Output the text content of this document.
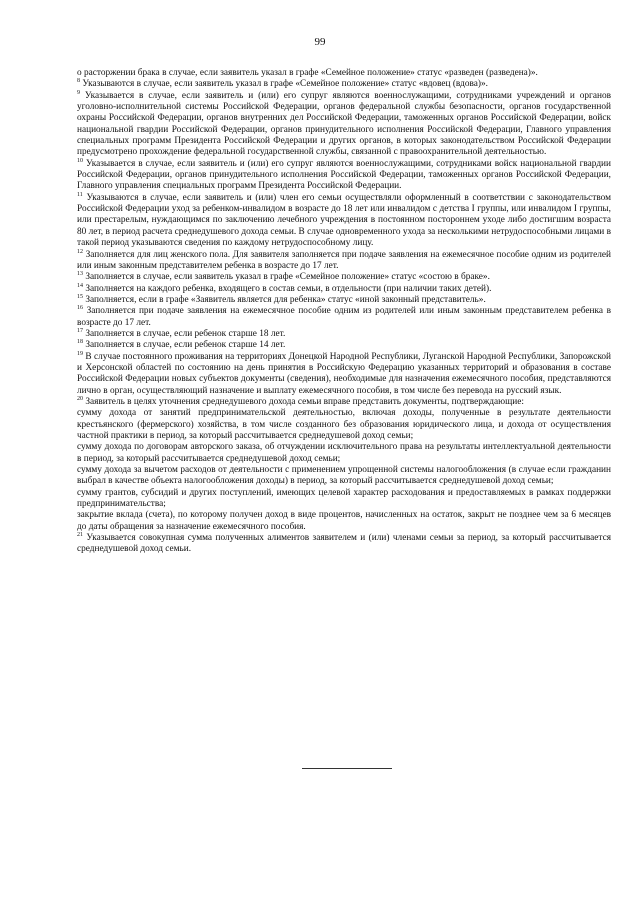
99

о расторжении брака в случае, если заявитель указал в графе «Семейное положение» статус «разведен (разведена)».

$^8$ Указываются в случае, если заявитель указал в графе «Семейное положение» статус «вдовец (вдова)».

$^9$ Указывается в случае, если заявитель и (или) его супруг являются военнослужащими, сотрудниками учреждений и органов уголовно-исполнительной системы Российской Федерации, органов федеральной службы безопасности, органов государственной охраны Российской Федерации, органов внутренних дел Российской Федерации, таможенных органов Российской Федерации, войск национальной гвардии Российской Федерации, органов принудительного исполнения Российской Федерации, Главного управления специальных программ Президента Российской Федерации и других органов, в которых законодательством Российской Федерации предусмотрено прохождение федеральной государственной службы, связанной с правоохранительной деятельностью.

$^{10}$ Указывается в случае, если заявитель и (или) его супруг являются военнослужащими, сотрудниками войск национальной гвардии Российской Федерации, органов принудительного исполнения Российской Федерации, таможенных органов Российской Федерации, Главного управления специальных программ Президента Российской Федерации.

$^{11}$ Указываются в случае, если заявитель и (или) член его семьи осуществляли оформленный в соответствии с законодательством Российской Федерации уход за ребенком-инвалидом в возрасте до 18 лет или инвалидом с детства I группы, или инвалидом I группы, или престарелым, нуждающимся по заключению лечебного учреждения в постоянном постороннем уходе либо достигшим возраста 80 лет, в период расчета среднедушевого дохода семьи. В случае одновременного ухода за несколькими нетрудоспособными лицами в такой период указываются сведения по каждому нетрудоспособному лицу.

$^{12}$ Заполняется для лиц женского пола. Для заявителя заполняется при подаче заявления на ежемесячное пособие одним из родителей или иным законным представителем ребенка в возрасте до 17 лет.

$^{13}$ Заполняется в случае, если заявитель указал в графе «Семейное положение» статус «состою в браке».

$^{14}$ Заполняется на каждого ребенка, входящего в состав семьи, в отдельности (при наличии таких детей).

$^{15}$ Заполняется, если в графе «Заявитель является для ребенка» статус «иной законный представитель».

$^{16}$ Заполняется при подаче заявления на ежемесячное пособие одним из родителей или иным законным представителем ребенка в возрасте до 17 лет.

$^{17}$ Заполняется в случае, если ребенок старше 18 лет.

$^{18}$ Заполняется в случае, если ребенок старше 14 лет.

$^{19}$ В случае постоянного проживания на территориях Донецкой Народной Республики, Луганской Народной Республики, Запорожской и Херсонской областей по состоянию на день принятия в Российскую Федерацию указанных территорий и образования в составе Российской Федерации новых субъектов документы (сведения), необходимые для назначения ежемесячного пособия, представляются лично в орган, осуществляющий назначение и выплату ежемесячного пособия, в том числе без перевода на русский язык.

$^{20}$ Заявитель в целях уточнения среднедушевого дохода семьи вправе представить документы, подтверждающие:

сумму дохода от занятий предпринимательской деятельностью, включая доходы, полученные в результате деятельности крестьянского (фермерского) хозяйства, в том числе созданного без образования юридического лица, и дохода от осуществления частной практики в период, за который рассчитывается среднедушевой доход семьи;

сумму дохода по договорам авторского заказа, об отчуждении исключительного права на результаты интеллектуальной деятельности в период, за который рассчитывается среднедушевой доход семьи;

сумму дохода за вычетом расходов от деятельности с применением упрощенной системы налогообложения (в случае если гражданин выбрал в качестве объекта налогообложения доходы) в период, за который рассчитывается среднедушевой доход семьи;

сумму грантов, субсидий и других поступлений, имеющих целевой характер расходования и предоставляемых в рамках поддержки предпринимательства;

закрытие вклада (счета), по которому получен доход в виде процентов, начисленных на остаток, закрыт не позднее чем за 6 месяцев до даты обращения за назначение ежемесячного пособия.

$^{21}$ Указывается совокупная сумма полученных алиментов заявителем и (или) членами семьи за период, за который рассчитывается среднедушевой доход семьи.
